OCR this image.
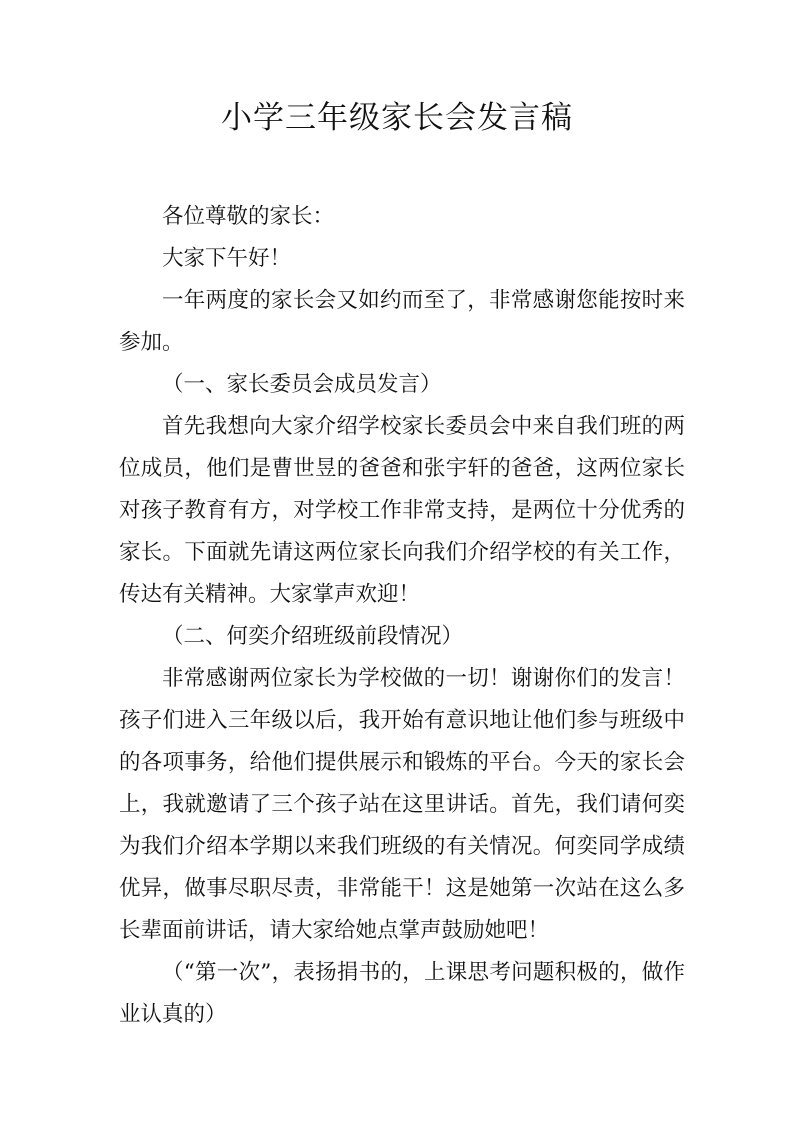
小学三年级家长会发言稿

各位尊敬的家长：

大家下午好！

一年两度的家长会又如约而至了，非常感谢您能按时来参加。

（一、家长委员会成员发言）

首先我想向大家介绍学校家长委员会中来自我们班的两位成员，他们是曹世昱的爸爸和张宇轩的爸爸，这两位家长对孩子教育有方，对学校工作非常支持，是两位十分优秀的家长。下面就先请这两位家长向我们介绍学校的有关工作，传达有关精神。大家掌声欢迎！

（二、何奕介绍班级前段情况）

非常感谢两位家长为学校做的一切！谢谢你们的发言！孩子们进入三年级以后，我开始有意识地让他们参与班级中的各项事务，给他们提供展示和锻炼的平台。今天的家长会上，我就邀请了三个孩子站在这里讲话。首先，我们请何奕为我们介绍本学期以来我们班级的有关情况。何奕同学成绩优异，做事尽职尽责，非常能干！这是她第一次站在这么多长辈面前讲话，请大家给她点掌声鼓励她吧！

（“第一次”，表扬捐书的，上课思考问题积极的，做作业认真的）
